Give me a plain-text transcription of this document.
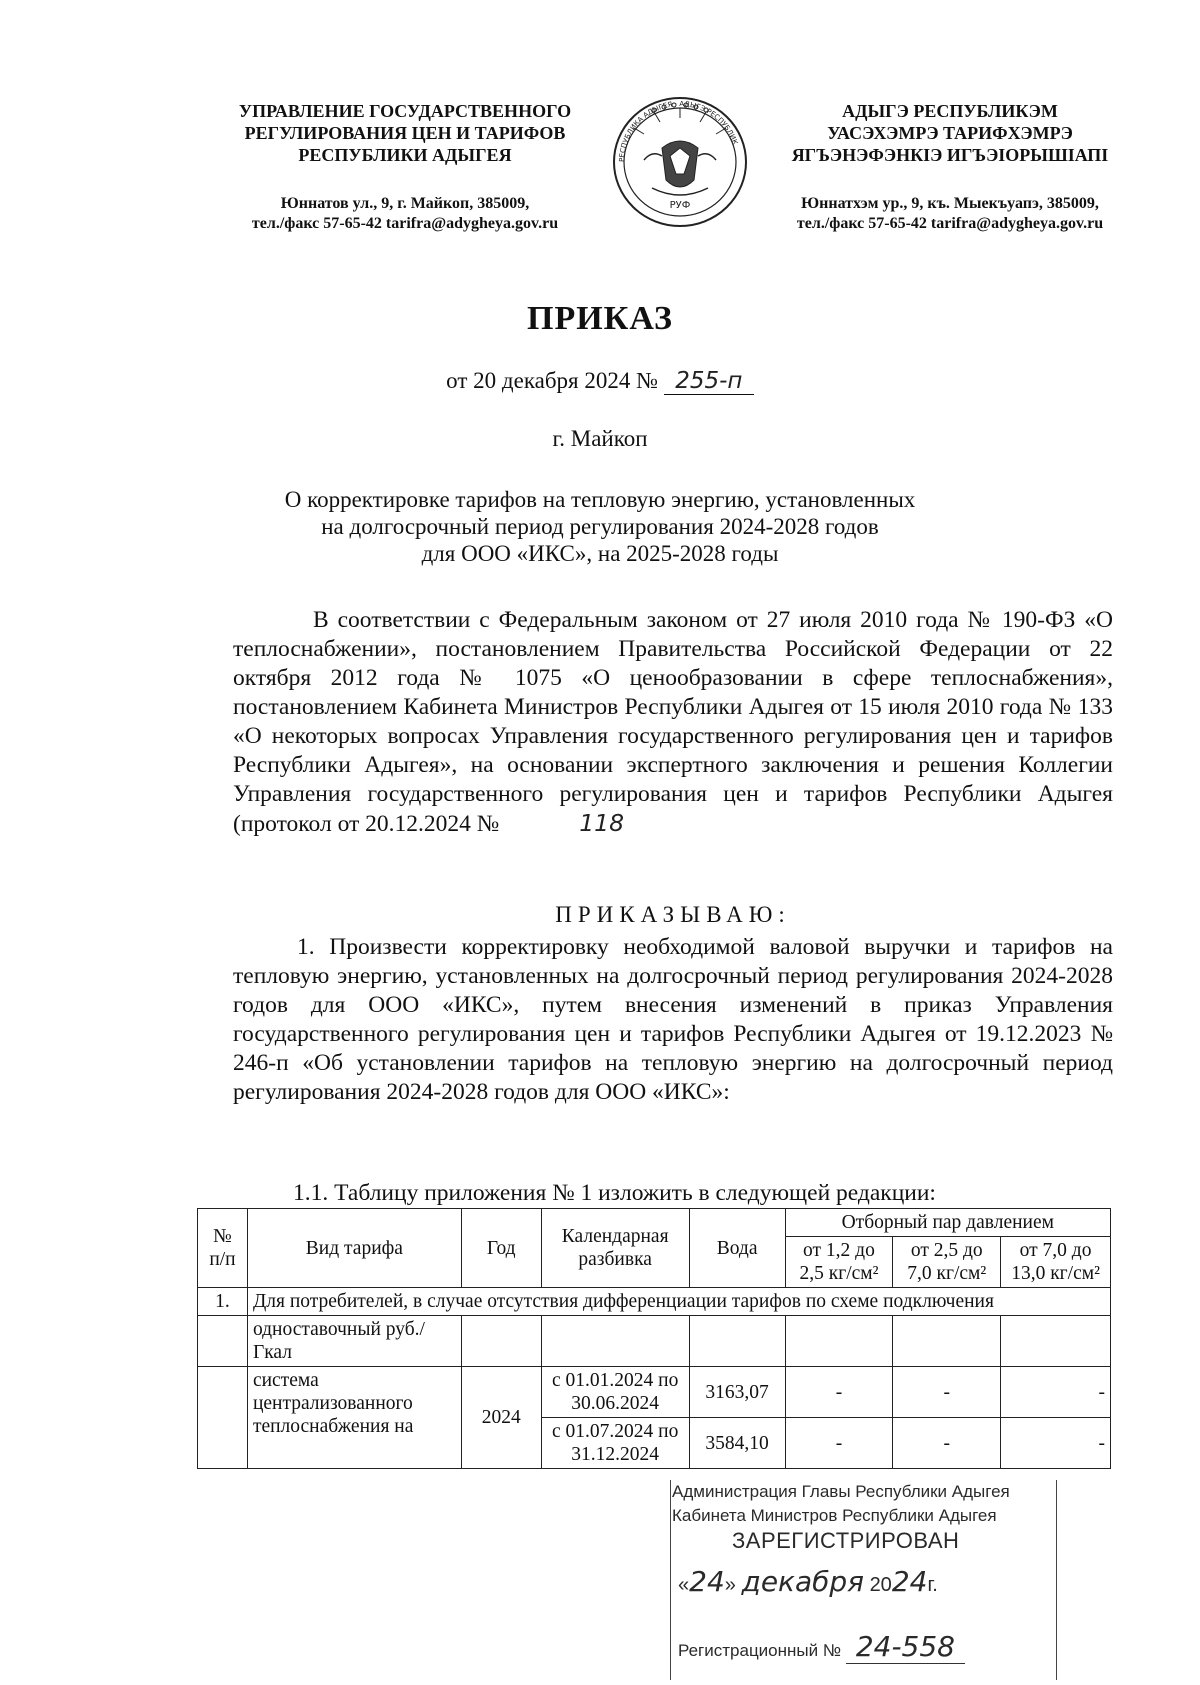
УПРАВЛЕНИЕ ГОСУДАРСТВЕННОГО
РЕГУЛИРОВАНИЯ ЦЕН И ТАРИФОВ
РЕСПУБЛИКИ АДЫГЕЯ
Юннатов ул., 9, г. Майкоп, 385009,
тел./факс 57-65-42 tarifra@adygheya.gov.ru
РЕСПУБЛИКА АДЫГЕЯ · АДЫГЭ РЕСПУБЛИК
РУФ
АДЫГЭ РЕСПУБЛИКЭМ
УАСЭХЭМРЭ ТАРИФХЭМРЭ
ЯГЪЭНЭФЭНКIЭ ИГЪЭIОРЫШIАПI
Юннатхэм ур., 9, къ. Мыекъуапэ, 385009,
тел./факс 57-65-42 tarifra@adygheya.gov.ru
ПРИКАЗ
от 20 декабря 2024 № 255-п
г. Майкоп
О корректировке тарифов на тепловую энергию, установленных
на долгосрочный период регулирования 2024-2028 годов
для ООО «ИКС», на 2025-2028 годы
В соответствии с Федеральным законом от 27 июля 2010 года № 190-ФЗ «О теплоснабжении», постановлением Правительства Российской Федерации от 22 октября 2012 года № 1075 «О ценообразовании в сфере теплоснабжения», постановлением Кабинета Министров Республики Адыгея от 15 июля 2010 года № 133 «О некоторых вопросах Управления государственного регулирования цен и тарифов Республики Адыгея», на основании экспертного заключения и решения Коллегии Управления государственного регулирования цен и тарифов Республики Адыгея (протокол от 20.12.2024 №	118
ПРИКАЗЫВАЮ:
1. Произвести корректировку необходимой валовой выручки и тарифов на тепловую энергию, установленных на долгосрочный период регулирования 2024-2028 годов для ООО «ИКС», путем внесения изменений в приказ Управления государственного регулирования цен и тарифов Республики Адыгея от 19.12.2023 № 246-п «Об установлении тарифов на тепловую энергию на долгосрочный период регулирования 2024-2028 годов для ООО «ИКС»:
1.1. Таблицу приложения № 1 изложить в следующей редакции:
№ п/п	Вид тарифа	Год	Календарная разбивка	Вода	Отборный пар давлением		
					от 1,2 до 2,5 кг/см²	от 2,5 до 7,0 кг/см²	от 7,0 до 13,0 кг/см²
1.	Для потребителей, в случае отсутствия дифференциации тарифов по схеме подключения						
	одноставочный руб./Гкал						
	система централизованного теплоснабжения на	2024	с 01.01.2024 по 30.06.2024	3163,07	-	-	-
			с 01.07.2024 по 31.12.2024	3584,10	-	-	-
Администрация Главы Республики Адыгея
Кабинета Министров Республики Адыгея
ЗАРЕГИСТРИРОВАН
«24» декабря 2024г.
Регистрационный № 24-558
